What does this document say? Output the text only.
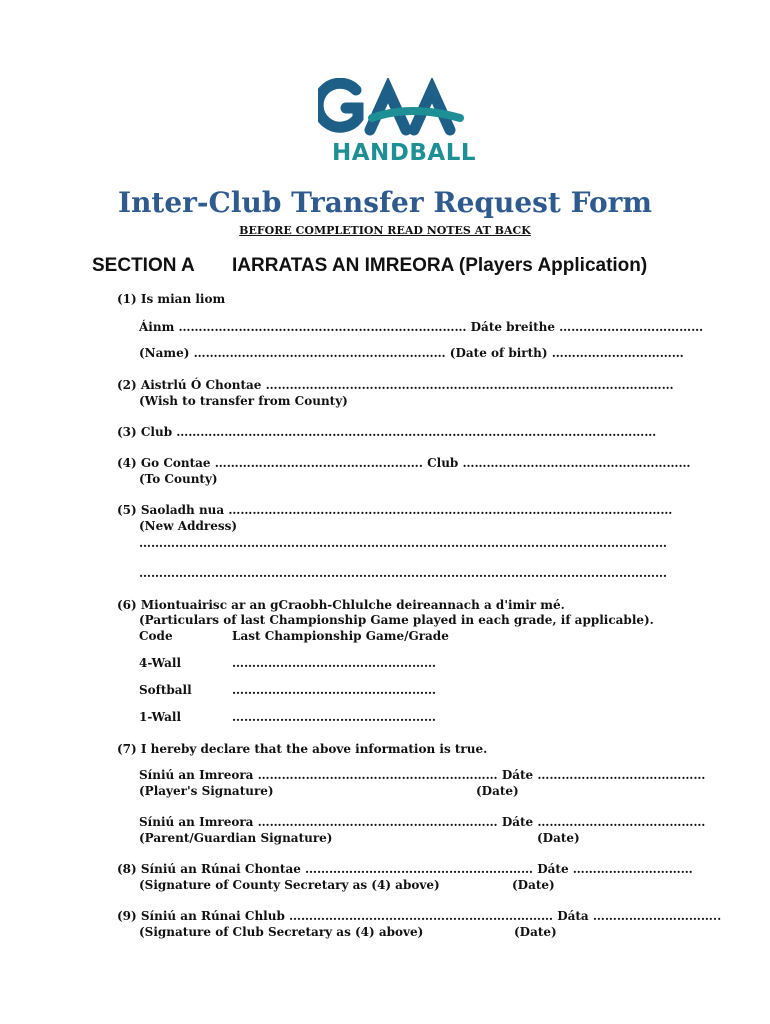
HANDBALL
Inter-Club Transfer Request Form
BEFORE COMPLETION READ NOTES AT BACK
SECTION A IARRATAS AN IMREORA (Players Application)
(1) Is mian liom
Áinm ……………………………………………………………… Dáte breithe ………………………………
(Name) ……………………………………………………… (Date of birth) ……………………………
(2) Aistrlú Ó Chontae …………………………………………………………………………………………
(Wish to transfer from County)
(3) Club …………………………………………………………………………………………………………
(4) Go Contae ……………………………………………. Club …………………………………………………
(To County)
(5) Saoladh nua …………………………………………………………………………………………………
(New Address)
……………………………………………………………………………………………………………………
……………………………………………………………………………………………………………………
(6) Miontuairisc ar an gCraobh-Chlulche deireannach a d'imir mé.
(Particulars of last Championship Game played in each grade, if applicable).
Code	Last Championship Game/Grade
4-Wall	……………………………………………
Softball	……………………………………………
1-Wall	……………………………………………
(7) I hereby declare that the above information is true.
Síniú an Imreora …………………………………………………… Dáte ……………………………………
(Player's Signature)	(Date)
Síniú an Imreora …………………………………………………… Dáte ……………………………………
(Parent/Guardian Signature)	(Date)
(8) Síniú an Rúnai Chontae ………………………………………………… Dáte …………………………
(Signature of County Secretary as (4) above)	(Date)
(9) Síniú an Rúnai Chlub ………………………………………………………… Dáta …………………………..
(Signature of Club Secretary as (4) above)	(Date)
